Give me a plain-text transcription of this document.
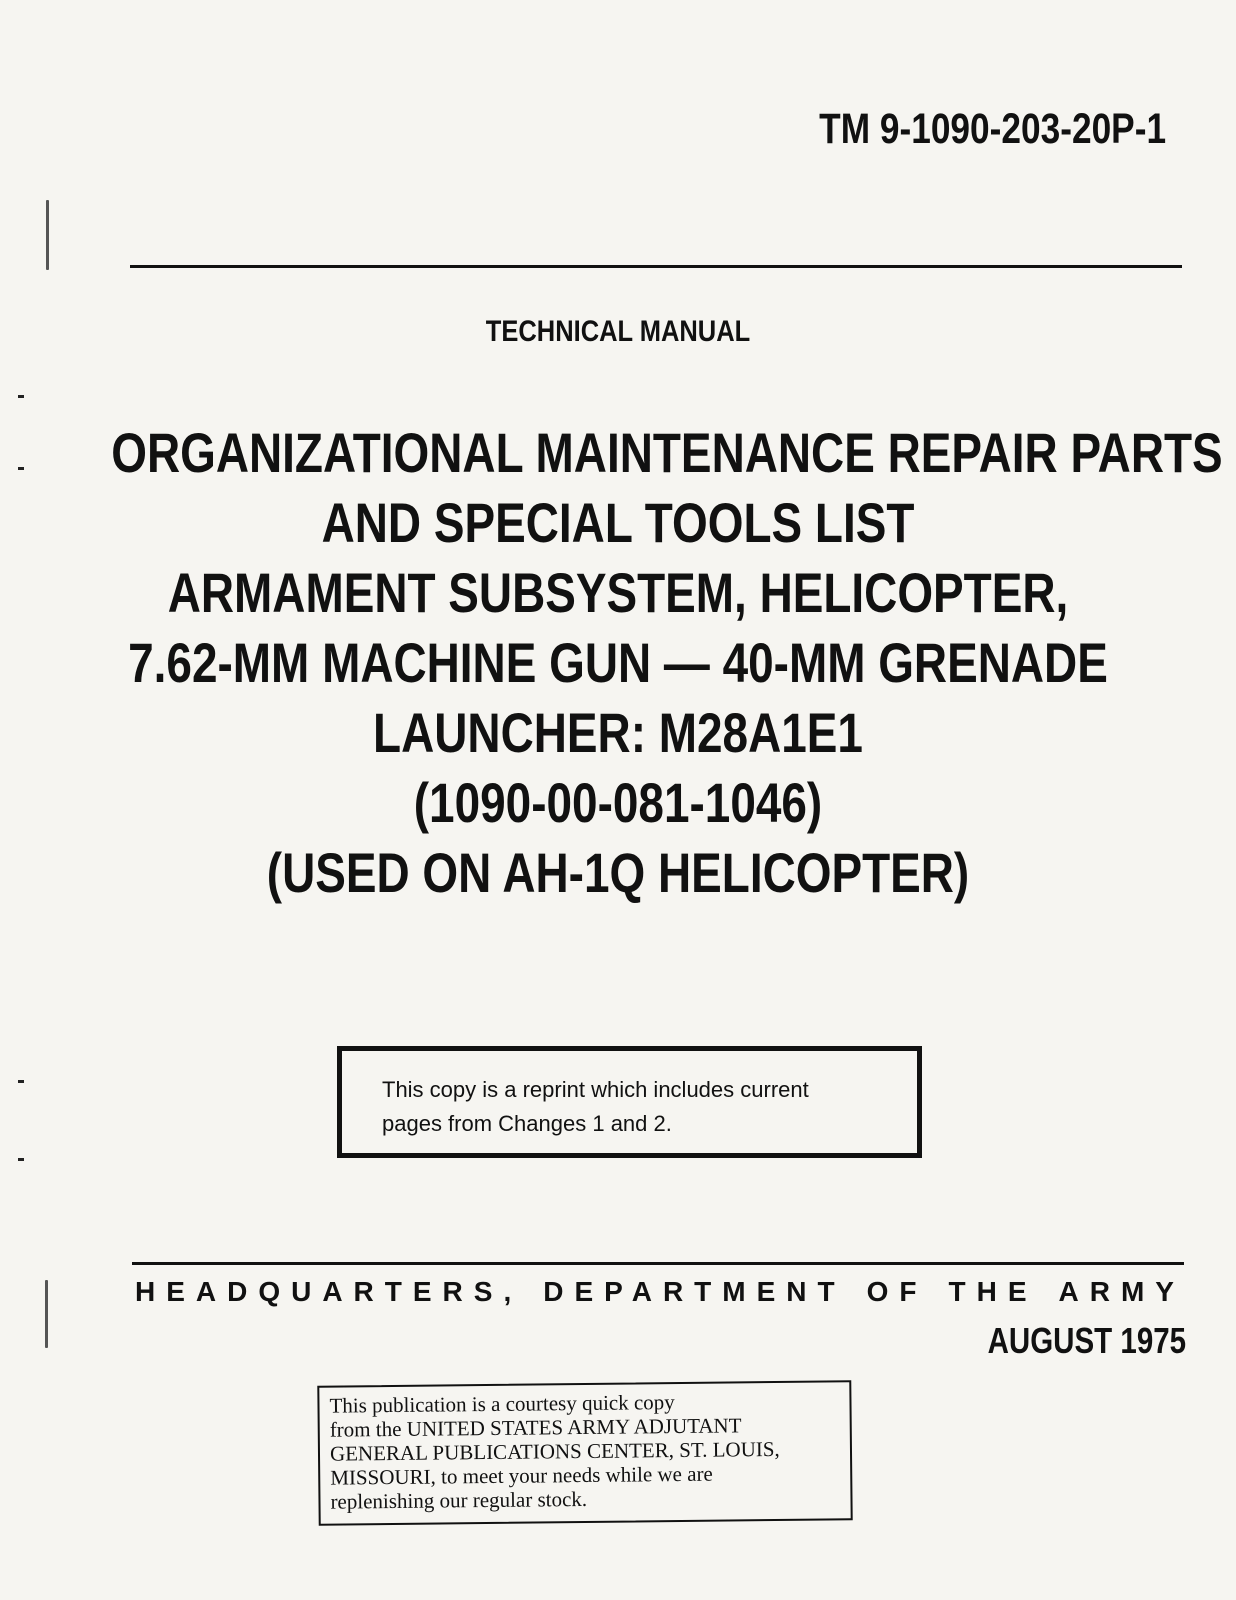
TM 9-1090-203-20P-1
TECHNICAL MANUAL
ORGANIZATIONAL MAINTENANCE REPAIR PARTS
AND SPECIAL TOOLS LIST
ARMAMENT SUBSYSTEM, HELICOPTER,
7.62-MM MACHINE GUN — 40-MM GRENADE
LAUNCHER: M28A1E1
(1090-00-081-1046)
(USED ON AH-1Q HELICOPTER)
This copy is a reprint which includes current
pages from Changes 1 and 2.
HEADQUARTERS, DEPARTMENT OF THE ARMY
AUGUST 1975
This publication is a courtesy quick copy
from the UNITED STATES ARMY ADJUTANT
GENERAL PUBLICATIONS CENTER, ST. LOUIS,
MISSOURI, to meet your needs while we are
replenishing our regular stock.
